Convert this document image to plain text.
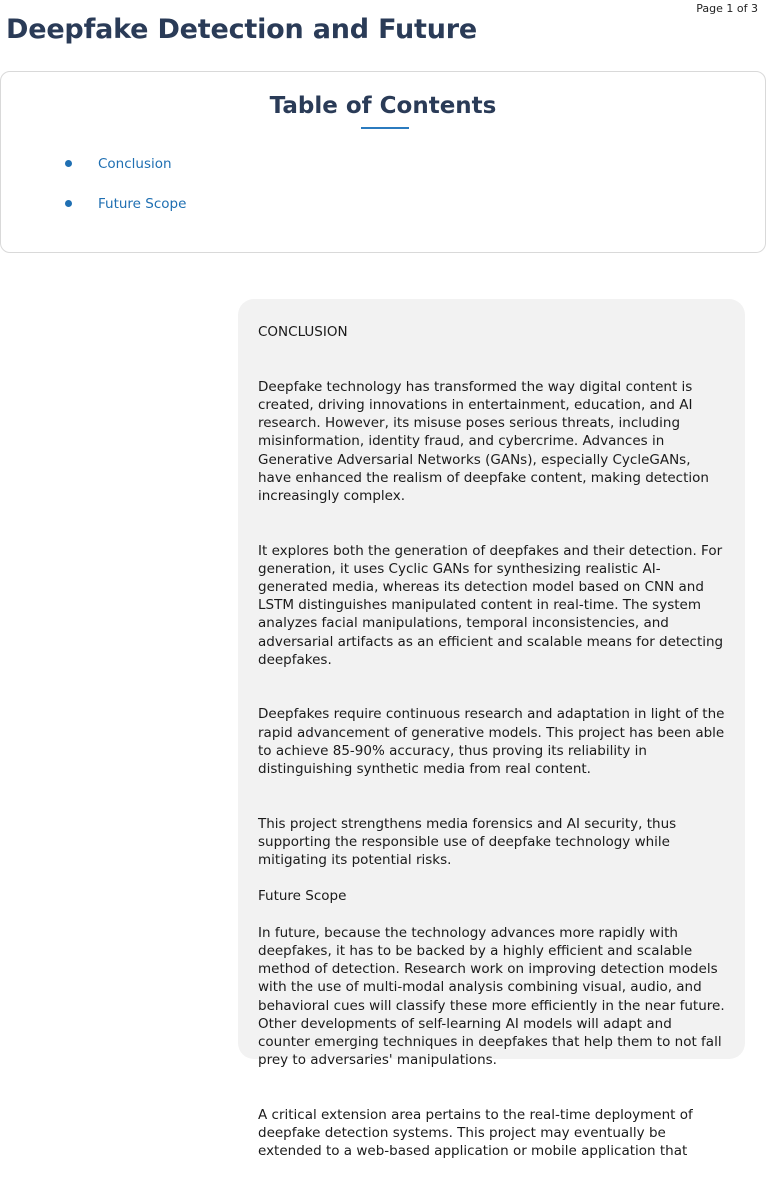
Page 1 of 3
Deepfake Detection and Future
Table of Contents
Conclusion
Future Scope

CONCLUSION

Deepfake technology has transformed the way digital content is created, driving innovations in entertainment, education, and AI research. However, its misuse poses serious threats, including misinformation, identity fraud, and cybercrime. Advances in Generative Adversarial Networks (GANs), especially CycleGANs, have enhanced the realism of deepfake content, making detection increasingly complex.

It explores both the generation of deepfakes and their detection. For generation, it uses Cyclic GANs for synthesizing realistic AI-generated media, whereas its detection model based on CNN and LSTM distinguishes manipulated content in real-time. The system analyzes facial manipulations, temporal inconsistencies, and adversarial artifacts as an efficient and scalable means for detecting deepfakes.

Deepfakes require continuous research and adaptation in light of the rapid advancement of generative models. This project has been able to achieve 85-90% accuracy, thus proving its reliability in distinguishing synthetic media from real content.

This project strengthens media forensics and AI security, thus supporting the responsible use of deepfake technology while mitigating its potential risks.

Future Scope

In future, because the technology advances more rapidly with deepfakes, it has to be backed by a highly efficient and scalable method of detection. Research work on improving detection models with the use of multi-modal analysis combining visual, audio, and behavioral cues will classify these more efficiently in the near future. Other developments of self-learning AI models will adapt and counter emerging techniques in deepfakes that help them to not fall prey to adversaries' manipulations.

A critical extension area pertains to the real-time deployment of deepfake detection systems. This project may eventually be extended to a web-based application or mobile application that
